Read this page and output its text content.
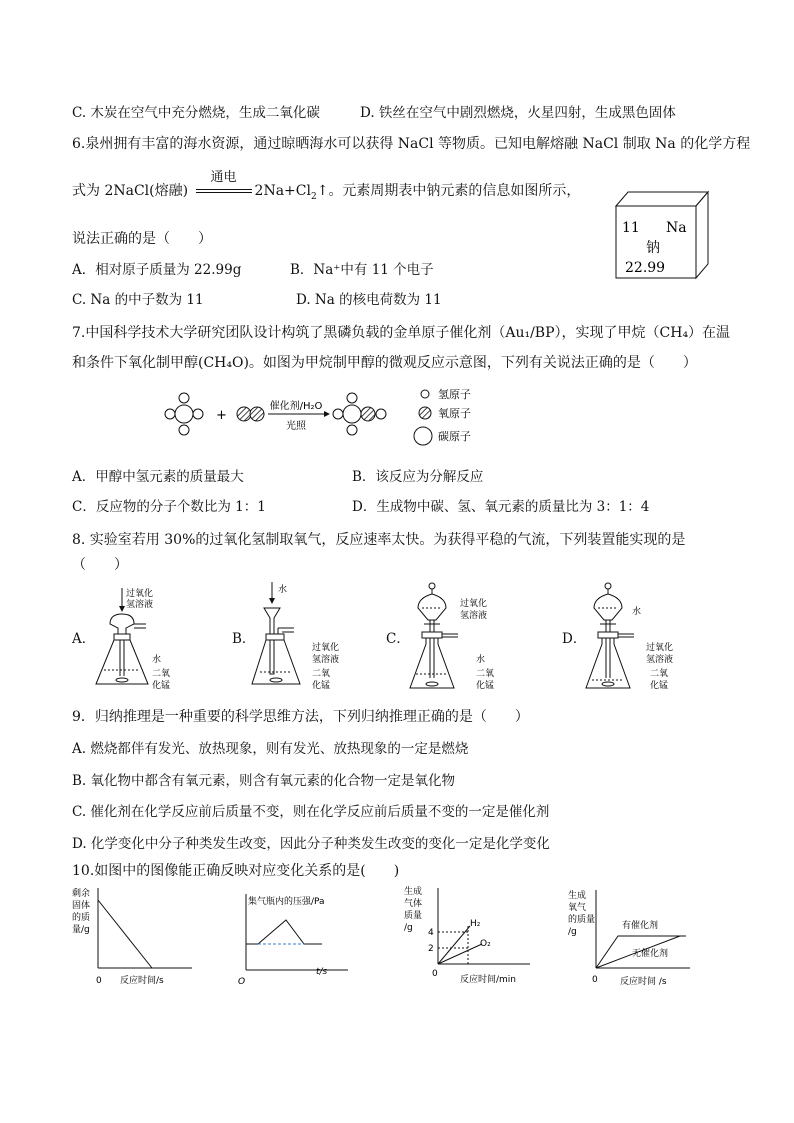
C. 木炭在空气中充分燃烧，生成二氧化碳	D. 铁丝在空气中剧烈燃烧，火星四射，生成黑色固体
6.泉州拥有丰富的海水资源，通过晾晒海水可以获得 NaCl 等物质。已知电解熔融 NaCl 制取 Na 的化学方程
式为 2NaCl(熔融)
通电
$2Na+Cl_2↑$。元素周期表中钠元素的信息如图所示，
说法正确的是（　　）
A．相对原子质量为 22.99g	B．Na⁺中有 11 个电子
C. Na 的中子数为 11	D. Na 的核电荷数为 11
11 Na
钠
22.99
7.中国科学技术大学研究团队设计构筑了黑磷负载的金单原子催化剂（Au₁/BP），实现了甲烷（CH₄）在温
和条件下氧化制甲醇(CH₄O)。如图为甲烷制甲醇的微观反应示意图，下列有关说法正确的是（　　）
+
催化剂/H₂O
光照
氢原子
氧原子
碳原子
A．甲醇中氢元素的质量最大	B．该反应为分解反应
C．反应物的分子个数比为 1：1	D．生成物中碳、氢、氧元素的质量比为 3：1：4
8. 实验室若用 30%的过氧化氢制取氧气，反应速率太快。为获得平稳的气流，下列装置能实现的是
（　　）
A．
过氧化
氢溶液
水
二氧
化锰
B．
水
过氧化
氢溶液
二氧
化锰
C．
过氧化
氢溶液
水
二氧
化锰
D．
水
过氧化
氢溶液
二氧
化锰
9．归纳推理是一种重要的科学思维方法，下列归纳推理正确的是（　　）
A. 燃烧都伴有发光、放热现象，则有发光、放热现象的一定是燃烧
B. 氧化物中都含有氧元素，则含有氧元素的化合物一定是氧化物
C. 催化剂在化学反应前后质量不变，则在化学反应前后质量不变的一定是催化剂
D. 化学变化中分子种类发生改变，因此分子种类发生改变的变化一定是化学变化
10.如图中的图像能正确反映对应变化关系的是(　　)
剩余
固体
的质
量/g
0 反应时间/s
集气瓶内的压强/Pa
O
t/s
生成
气体
质量
/g 4
2
H₂
O₂
0
反应时间/min
生成
氧气
的质量
/g
有催化剂
无催化剂
0 反应时间 /s
